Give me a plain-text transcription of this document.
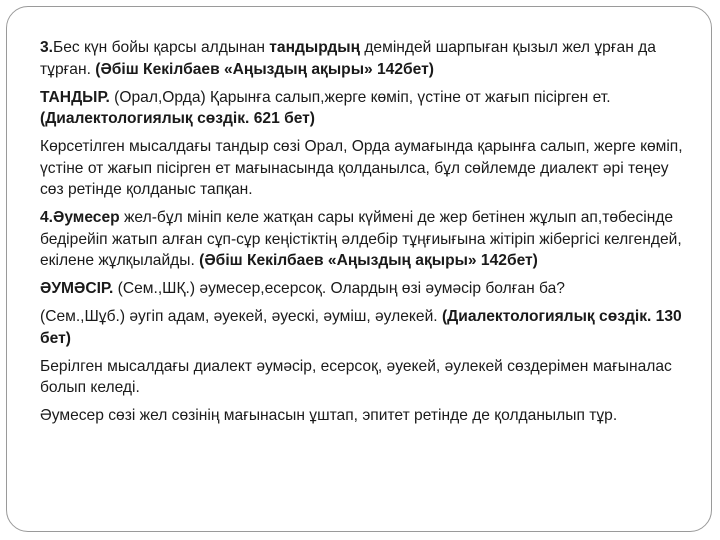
3.Бес күн бойы қарсы алдынан тандырдың деміндей шарпыған қызыл жел ұрған да тұрған. (Әбіш Кекілбаев «Аңыздың ақыры» 142бет)

ТАНДЫР. (Орал,Орда) Қарынға салып,жерге көміп, үстіне от жағып пісірген ет. (Диалектологиялық сөздік. 621 бет)

Көрсетілген мысалдағы тандыр сөзі Орал, Орда аумағында қарынға салып, жерге көміп, үстіне от жағып пісірген ет мағынасында қолданылса, бұл сөйлемде диалект әрі теңеу сөз ретінде қолданыс тапқан.

4.Әумесер жел-бұл мініп келе жатқан сары күймені де жер бетінен жұлып ап,төбесінде бедірейіп жатып алған сұп-сұр кеңістіктің әлдебір тұңғиығына жітіріп жібергісі келгендей, екілене жұлқылайды. (Әбіш Кекілбаев «Аңыздың ақыры» 142бет)

ӘУМӘСІР. (Сем.,ШҚ.) әумесер,есерсоқ. Олардың өзі әумәсір болған ба?

(Сем.,Шұб.) әугіп адам, әуекей, әуескі, әуміш, әулекей. (Диалектологиялық сөздік. 130 бет)

Берілген мысалдағы диалект әумәсір, есерсоқ, әуекей, әулекей сөздерімен мағыналас болып келеді.

Әумесер сөзі жел сөзінің мағынасын ұштап, эпитет ретінде де қолданылып тұр.
